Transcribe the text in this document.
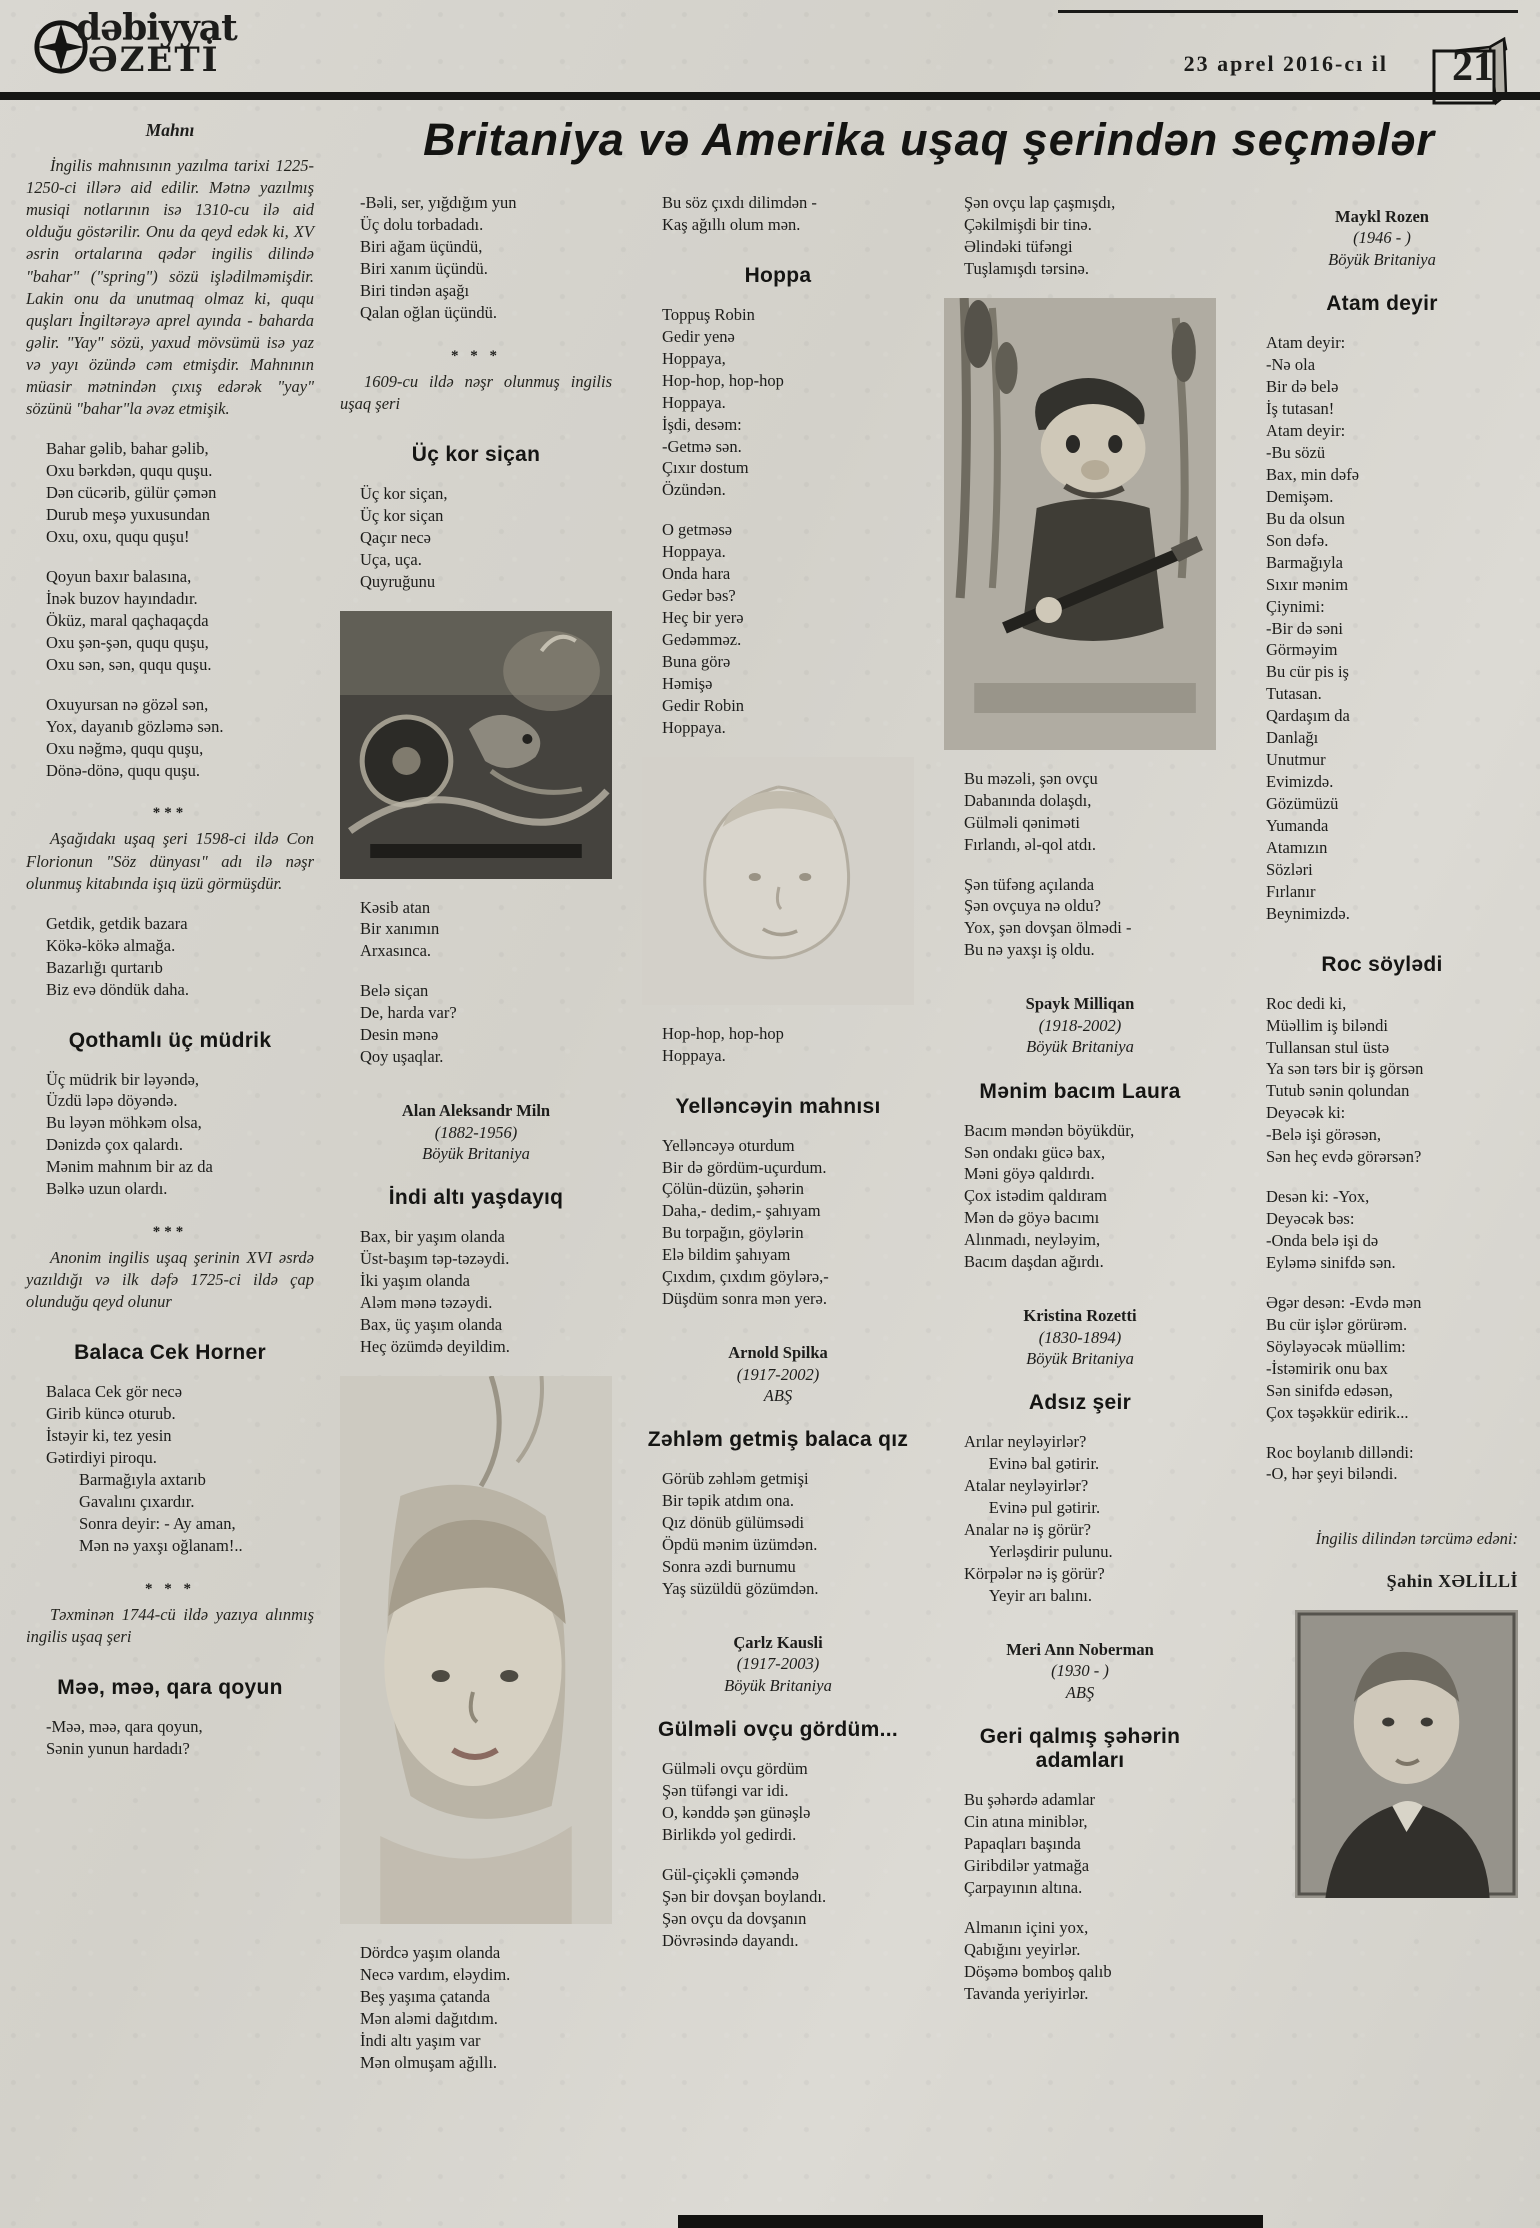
dəbiyyat
ƏZETİ	23 aprel 2016-cı il 21
Mahnı
İngilis mahnısının yazılma tarixi 1225-1250-ci illərə aid edilir. Mətnə yazılmış musiqi notlarının isə 1310-cu ilə aid olduğu göstərilir. Onu da qeyd edək ki, XV əsrin ortalarına qədər ingilis dilində "bahar" ("spring") sözü işlədilməmişdir. Lakin onu da unutmaq olmaz ki, ququ quşları İngiltərəyə aprel ayında - baharda gəlir. "Yay" sözü, yaxud mövsümü isə yaz və yayı özündə cəm etmişdir. Mahnının müasir mətnindən çıxış edərək "yay" sözünü "bahar"la əvəz etmişik.
Bahar gəlib, bahar gəlib,
Oxu bərkdən, ququ quşu.
Dən cücərib, gülür çəmən
Durub meşə yuxusundan
Oxu, oxu, ququ quşu!
Qoyun baxır balasına,
İnək buzov hayındadır.
Öküz, maral qaçhaqaçda
Oxu şən-şən, ququ quşu,
Oxu sən, sən, ququ quşu.
Oxuyursan nə gözəl sən,
Yox, dayanıb gözləmə sən.
Oxu nəğmə, ququ quşu,
Dönə-dönə, ququ quşu.
***
Aşağıdakı uşaq şeri 1598-ci ildə Con Florionun "Söz dünyası" adı ilə nəşr olunmuş kitabında işıq üzü görmüşdür.
Getdik, getdik bazara
Kökə-kökə almağa.
Bazarlığı qurtarıb
Biz evə döndük daha.
Qothamlı üç müdrik
Üç müdrik bir ləyəndə,
Üzdü ləpə döyəndə.
Bu ləyən möhkəm olsa,
Dənizdə çox qalardı.
Mənim mahnım bir az da
Bəlkə uzun olardı.
***
Anonim ingilis uşaq şerinin XVI əsrdə yazıldığı və ilk dəfə 1725-ci ildə çap olunduğu qeyd olunur
Balaca Cek Horner
Balaca Cek gör necə
Girib küncə oturub.
İstəyir ki, tez yesin
Gətirdiyi piroqu.
Barmağıyla axtarıb
Gavalını çıxardır.
Sonra deyir: - Ay aman,
Mən nə yaxşı oğlanam!..
* * *
Təxminən 1744-cü ildə yazıya alınmış ingilis uşaq şeri
Məə, məə, qara qoyun
-Məə, məə, qara qoyun,
Sənin yunun hardadı?
Britaniya və Amerika uşaq şerindən seçmələr
-Bəli, ser, yığdığım yun
Üç dolu torbadadı.
Biri ağam üçündü,
Biri xanım üçündü.
Biri tindən aşağı
Qalan oğlan üçündü.
* * *
1609-cu ildə nəşr olunmuş ingilis uşaq şeri
Üç kor siçan
Üç kor siçan,
Üç kor siçan
Qaçır necə
Uça, uça.
Quyruğunu
Kəsib atan
Bir xanımın
Arxasınca.
Belə siçan
De, harda var?
Desin mənə
Qoy uşaqlar.
Alan Aleksandr Miln
(1882-1956)
Böyük Britaniya
İndi altı yaşdayıq
Bax, bir yaşım olanda
Üst-başım təp-təzəydi.
İki yaşım olanda
Aləm mənə təzəydi.
Bax, üç yaşım olanda
Heç özümdə deyildim.
Dördcə yaşım olanda
Necə vardım, eləydim.
Beş yaşıma çatanda
Mən aləmi dağıtdım.
İndi altı yaşım var
Mən olmuşam ağıllı.
Bu söz çıxdı dilimdən -
Kaş ağıllı olum mən.
Hoppa
Toppuş Robin
Gedir yenə
Hoppaya,
Hop-hop, hop-hop
Hoppaya.
İşdi, desəm:
-Getmə sən.
Çıxır dostum
Özündən.
O getməsə
Hoppaya.
Onda hara
Gedər bəs?
Heç bir yerə
Gedəmməz.
Buna görə
Həmişə
Gedir Robin
Hoppaya.
Hop-hop, hop-hop
Hoppaya.
Yelləncəyin mahnısı
Yelləncəyə oturdum
Bir də gördüm-uçurdum.
Çölün-düzün, şəhərin
Daha,- dedim,- şahıyam
Bu torpağın, göylərin
Elə bildim şahıyam
Çıxdım, çıxdım göylərə,-
Düşdüm sonra mən yerə.
Arnold Spilka
(1917-2002)
ABŞ
Zəhləm getmiş balaca qız
Görüb zəhləm getmişi
Bir təpik atdım ona.
Qız dönüb gülümsədi
Öpdü mənim üzümdən.
Sonra əzdi burnumu
Yaş süzüldü gözümdən.
Çarlz Kausli
(1917-2003)
Böyük Britaniya
Gülməli ovçu gördüm...
Gülməli ovçu gördüm
Şən tüfəngi var idi.
O, kənddə şən günəşlə
Birlikdə yol gedirdi.
Gül-çiçəkli çəməndə
Şən bir dovşan boylandı.
Şən ovçu da dovşanın
Dövrəsində dayandı.
Şən ovçu lap çaşmışdı,
Çəkilmişdi bir tinə.
Əlindəki tüfəngi
Tuşlamışdı tərsinə.
Bu məzəli, şən ovçu
Dabanında dolaşdı,
Gülməli qəniməti
Fırlandı, əl-qol atdı.
Şən tüfəng açılanda
Şən ovçuya nə oldu?
Yox, şən dovşan ölmədi -
Bu nə yaxşı iş oldu.
Spayk Milliqan
(1918-2002)
Böyük Britaniya
Mənim bacım Laura
Bacım məndən böyükdür,
Sən ondakı gücə bax,
Məni göyə qaldırdı.
Çox istədim qaldıram
Mən də göyə bacımı
Alınmadı, neyləyim,
Bacım daşdan ağırdı.
Kristina Rozetti
(1830-1894)
Böyük Britaniya
Adsız şeir
Arılar neyləyirlər?
Evinə bal gətirir.
Atalar neyləyirlər?
Evinə pul gətirir.
Analar nə iş görür?
Yerləşdirir pulunu.
Körpələr nə iş görür?
Yeyir arı balını.
Meri Ann Noberman
(1930 - )
ABŞ
Geri qalmış şəhərin adamları
Bu şəhərdə adamlar
Cin atına miniblər,
Papaqları başında
Giribdilər yatmağa
Çarpayının altına.
Almanın içini yox,
Qabığını yeyirlər.
Döşəmə bomboş qalıb
Tavanda yeriyirlər.
Maykl Rozen
(1946 - )
Böyük Britaniya
Atam deyir
Atam deyir:
-Nə ola
Bir də belə
İş tutasan!
Atam deyir:
-Bu sözü
Bax, min dəfə
Demişəm.
Bu da olsun
Son dəfə.
Barmağıyla
Sıxır mənim
Çiynimi:
-Bir də səni
Görməyim
Bu cür pis iş
Tutasan.
Qardaşım da
Danlağı
Unutmur
Evimizdə.
Gözümüzü
Yumanda
Atamızın
Sözləri
Fırlanır
Beynimizdə.
Roc söylədi
Roc dedi ki,
Müəllim iş biləndi
Tullansan stul üstə
Ya sən tərs bir iş görsən
Tutub sənin qolundan
Deyəcək ki:
-Belə işi görəsən,
Sən heç evdə görərsən?
Desən ki: -Yox,
Deyəcək bəs:
-Onda belə işi də
Eyləmə sinifdə sən.
Əgər desən: -Evdə mən
Bu cür işlər görürəm.
Söyləyəcək müəllim:
-İstəmirik onu bax
Sən sinifdə edəsən,
Çox təşəkkür edirik...
Roc boylanıb dilləndi:
-O, hər şeyi biləndi.
İngilis dilindən tərcümə edəni:
Şahin XƏLİLLİ
